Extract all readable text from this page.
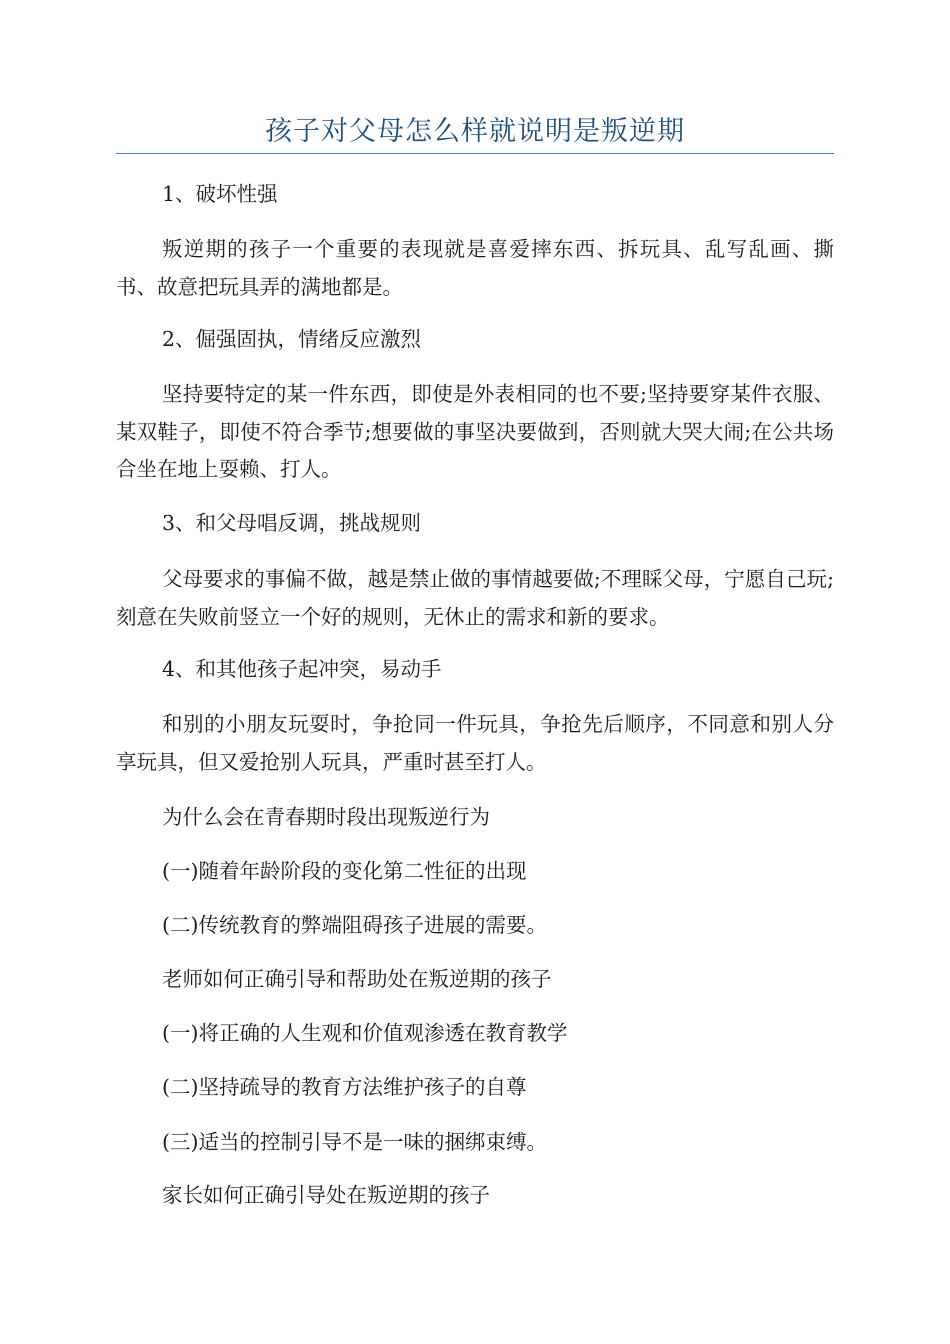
孩子对父母怎么样就说明是叛逆期

1、破坏性强

叛逆期的孩子一个重要的表现就是喜爱摔东西、拆玩具、乱写乱画、撕书、故意把玩具弄的满地都是。

2、倔强固执，情绪反应激烈

坚持要特定的某一件东西，即使是外表相同的也不要;坚持要穿某件衣服、某双鞋子，即使不符合季节;想要做的事坚决要做到，否则就大哭大闹;在公共场合坐在地上耍赖、打人。

3、和父母唱反调，挑战规则

父母要求的事偏不做，越是禁止做的事情越要做;不理睬父母，宁愿自己玩;刻意在失败前竖立一个好的规则，无休止的需求和新的要求。

4、和其他孩子起冲突，易动手

和别的小朋友玩耍时，争抢同一件玩具，争抢先后顺序，不同意和别人分享玩具，但又爱抢别人玩具，严重时甚至打人。

为什么会在青春期时段出现叛逆行为

(一)随着年龄阶段的变化第二性征的出现

(二)传统教育的弊端阻碍孩子进展的需要。

老师如何正确引导和帮助处在叛逆期的孩子

(一)将正确的人生观和价值观渗透在教育教学

(二)坚持疏导的教育方法维护孩子的自尊

(三)适当的控制引导不是一味的捆绑束缚。

家长如何正确引导处在叛逆期的孩子
